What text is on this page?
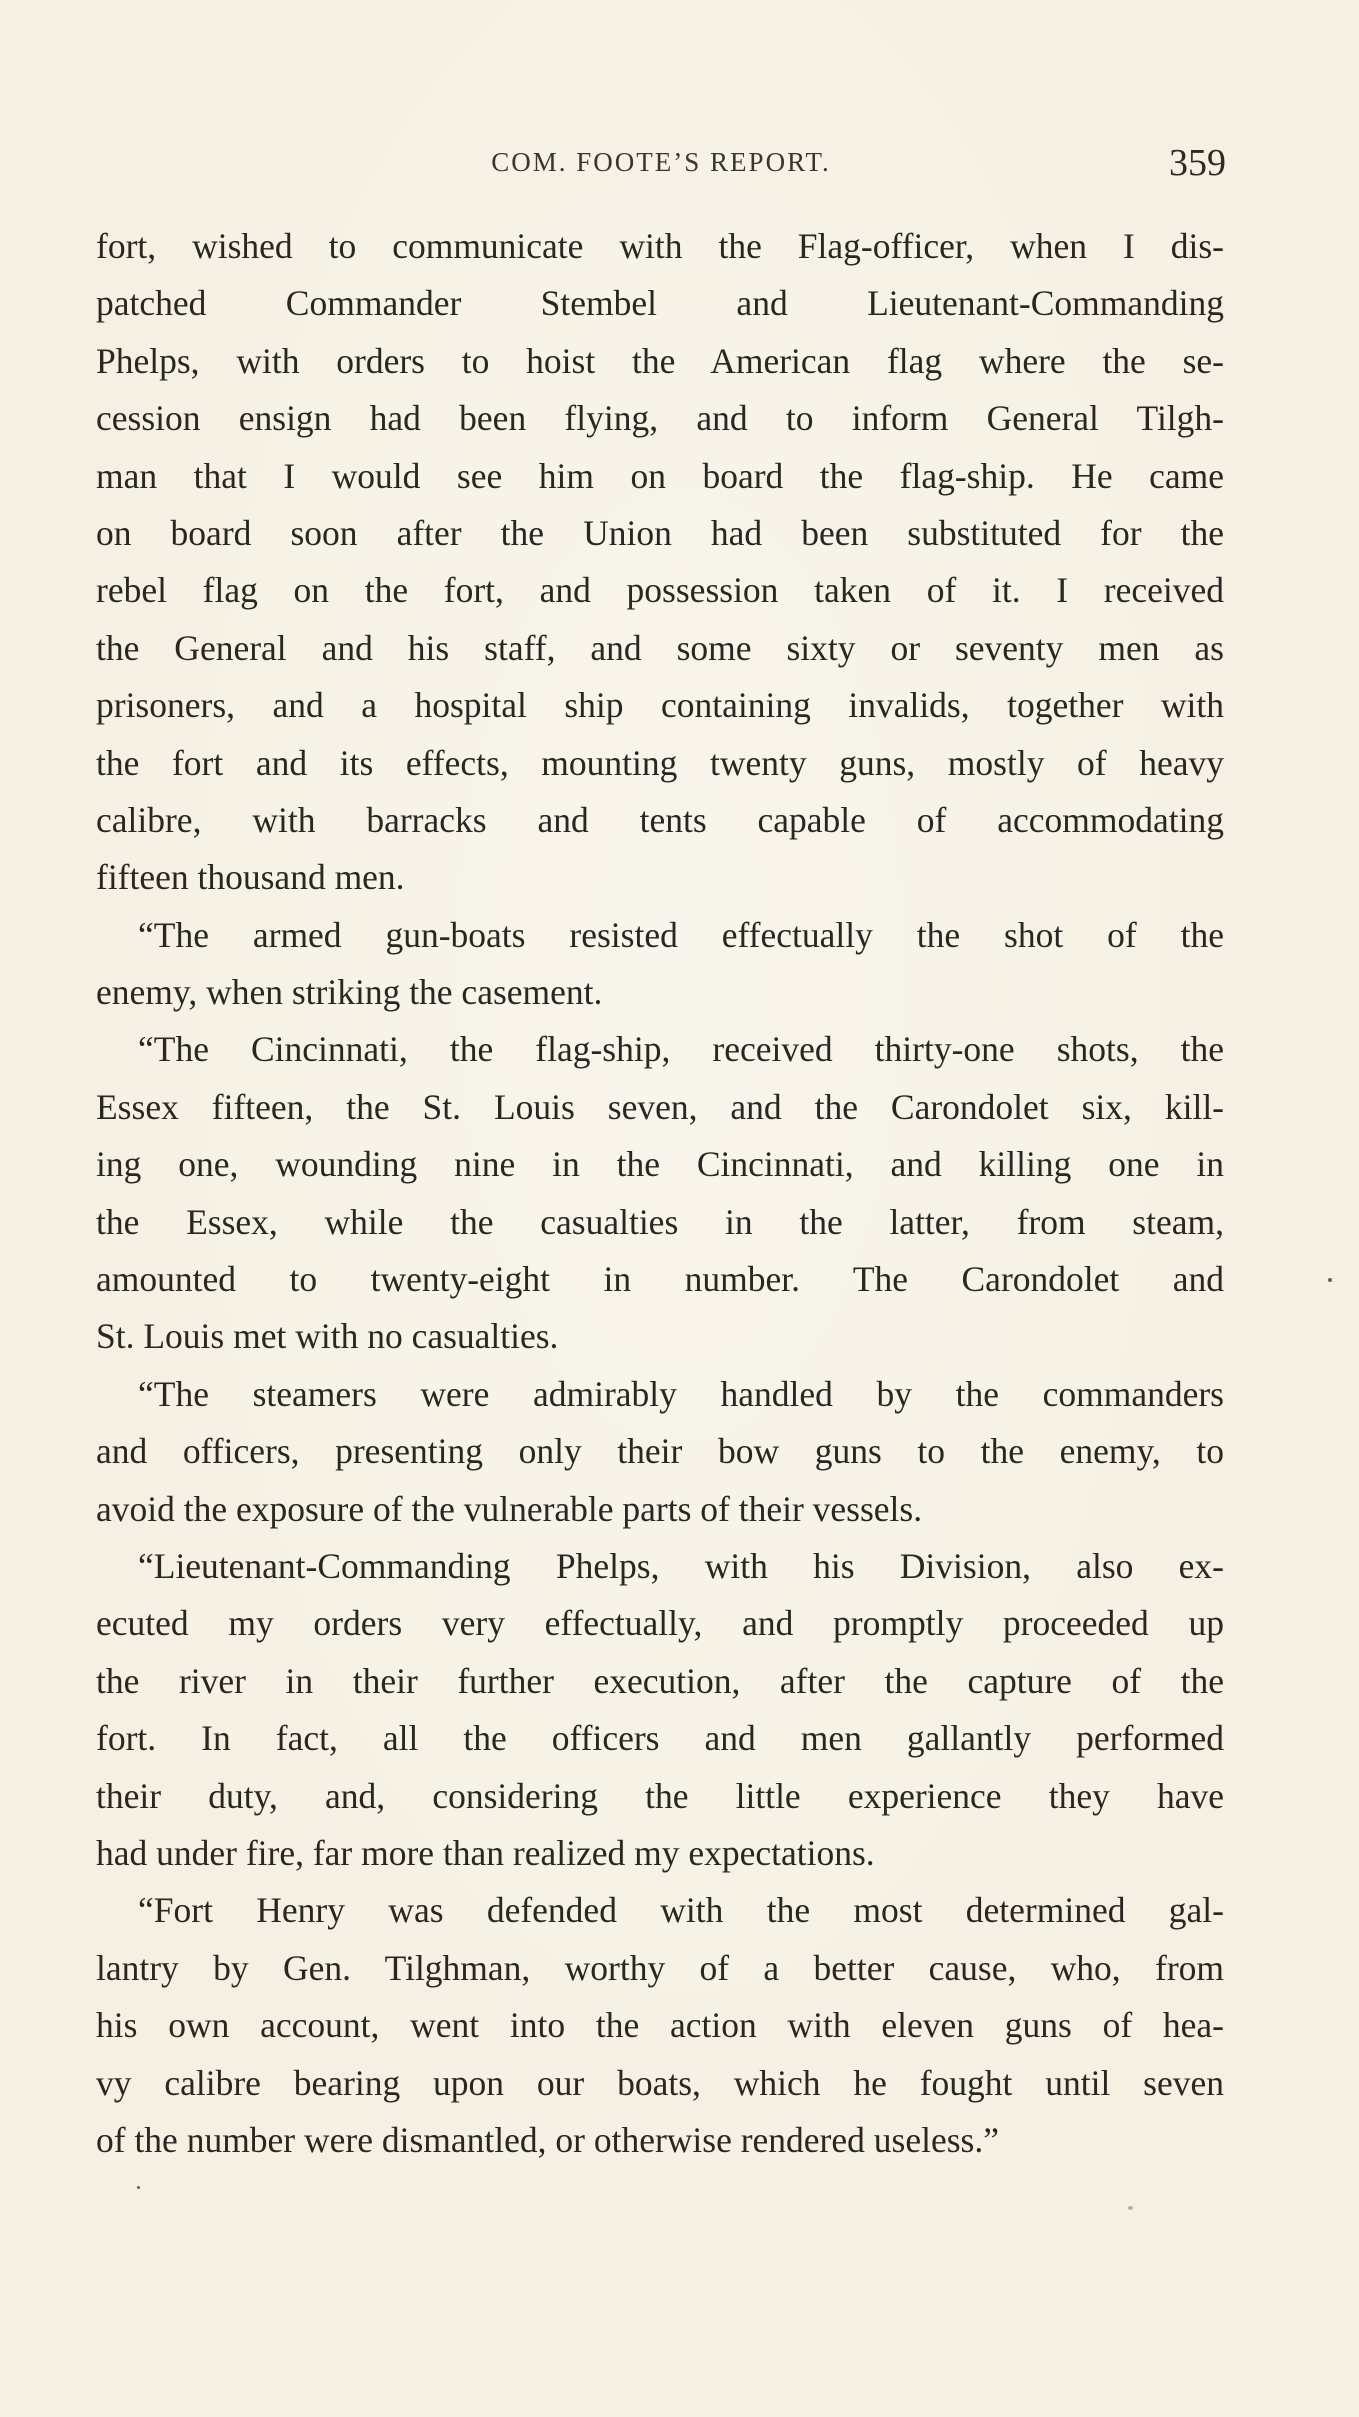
COM. FOOTE’S REPORT.	359
fort, wished to communicate with the Flag-officer, when I dis-
patched Commander Stembel and Lieutenant-Commanding
Phelps, with orders to hoist the American flag where the se-
cession ensign had been flying, and to inform General Tilgh-
man that I would see him on board the flag-ship. He came
on board soon after the Union had been substituted for the
rebel flag on the fort, and possession taken of it. I received
the General and his staff, and some sixty or seventy men as
prisoners, and a hospital ship containing invalids, together with
the fort and its effects, mounting twenty guns, mostly of heavy
calibre, with barracks and tents capable of accommodating
fifteen thousand men.
“The armed gun-boats resisted effectually the shot of the
enemy, when striking the casement.
“The Cincinnati, the flag-ship, received thirty-one shots, the
Essex fifteen, the St. Louis seven, and the Carondolet six, kill-
ing one, wounding nine in the Cincinnati, and killing one in
the Essex, while the casualties in the latter, from steam,
amounted to twenty-eight in number. The Carondolet and
St. Louis met with no casualties.
“The steamers were admirably handled by the commanders
and officers, presenting only their bow guns to the enemy, to
avoid the exposure of the vulnerable parts of their vessels.
“Lieutenant-Commanding Phelps, with his Division, also ex-
ecuted my orders very effectually, and promptly proceeded up
the river in their further execution, after the capture of the
fort. In fact, all the officers and men gallantly performed
their duty, and, considering the little experience they have
had under fire, far more than realized my expectations.
“Fort Henry was defended with the most determined gal-
lantry by Gen. Tilghman, worthy of a better cause, who, from
his own account, went into the action with eleven guns of hea-
vy calibre bearing upon our boats, which he fought until seven
of the number were dismantled, or otherwise rendered useless.”
